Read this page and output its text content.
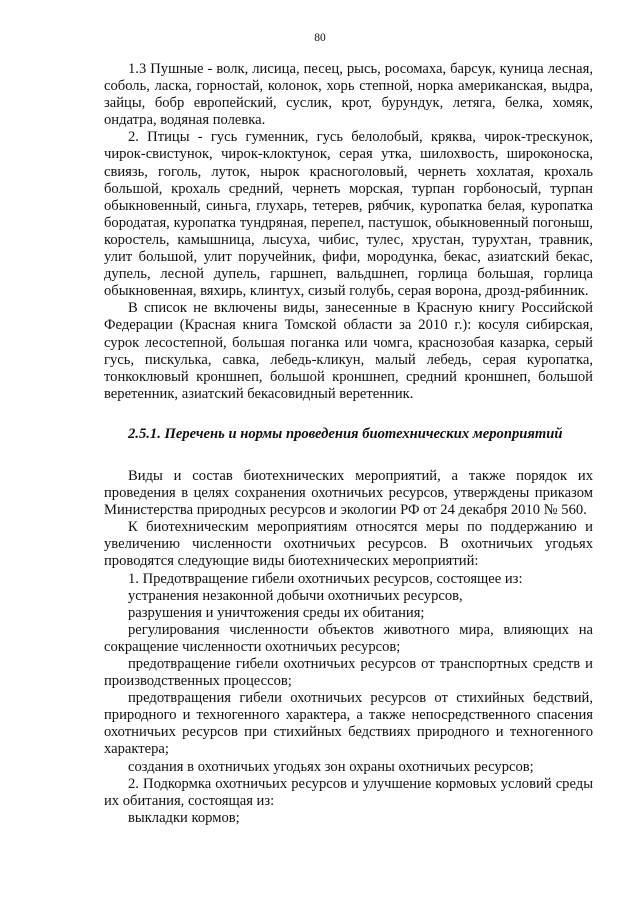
80

1.3 Пушные - волк, лисица, песец, рысь, росомаха, барсук, куница лесная, соболь, ласка, горностай, колонок, хорь степной, норка американская, выдра, зайцы, бобр европейский, суслик, крот, бурундук, летяга, белка, хомяк, ондатра, водяная полевка.

2. Птицы - гусь гуменник, гусь белолобый, кряква, чирок-трескунок, чирок-свистунок, чирок-клоктунок, серая утка, шилохвость, широконоска, свиязь, гоголь, луток, нырок красноголовый, чернеть хохлатая, крохаль большой, крохаль средний, чернеть морская, турпан горбоносый, турпан обыкновенный, синьга, глухарь, тетерев, рябчик, куропатка белая, куропатка бородатая, куропатка тундряная, перепел, пастушок, обыкновенный погоныш, коростель, камышница, лысуха, чибис, тулес, хрустан, турухтан, травник, улит большой, улит поручейник, фифи, мородунка, бекас, азиатский бекас, дупель, лесной дупель, гаршнеп, вальдшнеп, горлица большая, горлица обыкновенная, вяхирь, клинтух, сизый голубь, серая ворона, дрозд-рябинник.

В список не включены виды, занесенные в Красную книгу Российской Федерации (Красная книга Томской области за 2010 г.): косуля сибирская, сурок лесостепной, большая поганка или чомга, краснозобая казарка, серый гусь, пискулька, савка, лебедь-кликун, малый лебедь, серая куропатка, тонкоклювый кроншнеп, большой кроншнеп, средний кроншнеп, большой веретенник, азиатский бекасовидный веретенник.

2.5.1. Перечень и нормы проведения биотехнических мероприятий

Виды и состав биотехнических мероприятий, а также порядок их проведения в целях сохранения охотничьих ресурсов, утверждены приказом Министерства природных ресурсов и экологии РФ от 24 декабря 2010 № 560.

К биотехническим мероприятиям относятся меры по поддержанию и увеличению численности охотничьих ресурсов. В охотничьих угодьях проводятся следующие виды биотехнических мероприятий:

1. Предотвращение гибели охотничьих ресурсов, состоящее из:

устранения незаконной добычи охотничьих ресурсов,

разрушения и уничтожения среды их обитания;

регулирования численности объектов животного мира, влияющих на сокращение численности охотничьих ресурсов;

предотвращение гибели охотничьих ресурсов от транспортных средств и производственных процессов;

предотвращения гибели охотничьих ресурсов от стихийных бедствий, природного и техногенного характера, а также непосредственного спасения охотничьих ресурсов при стихийных бедствиях природного и техногенного характера;

создания в охотничьих угодьях зон охраны охотничьих ресурсов;

2. Подкормка охотничьих ресурсов и улучшение кормовых условий среды их обитания, состоящая из:

выкладки кормов;
